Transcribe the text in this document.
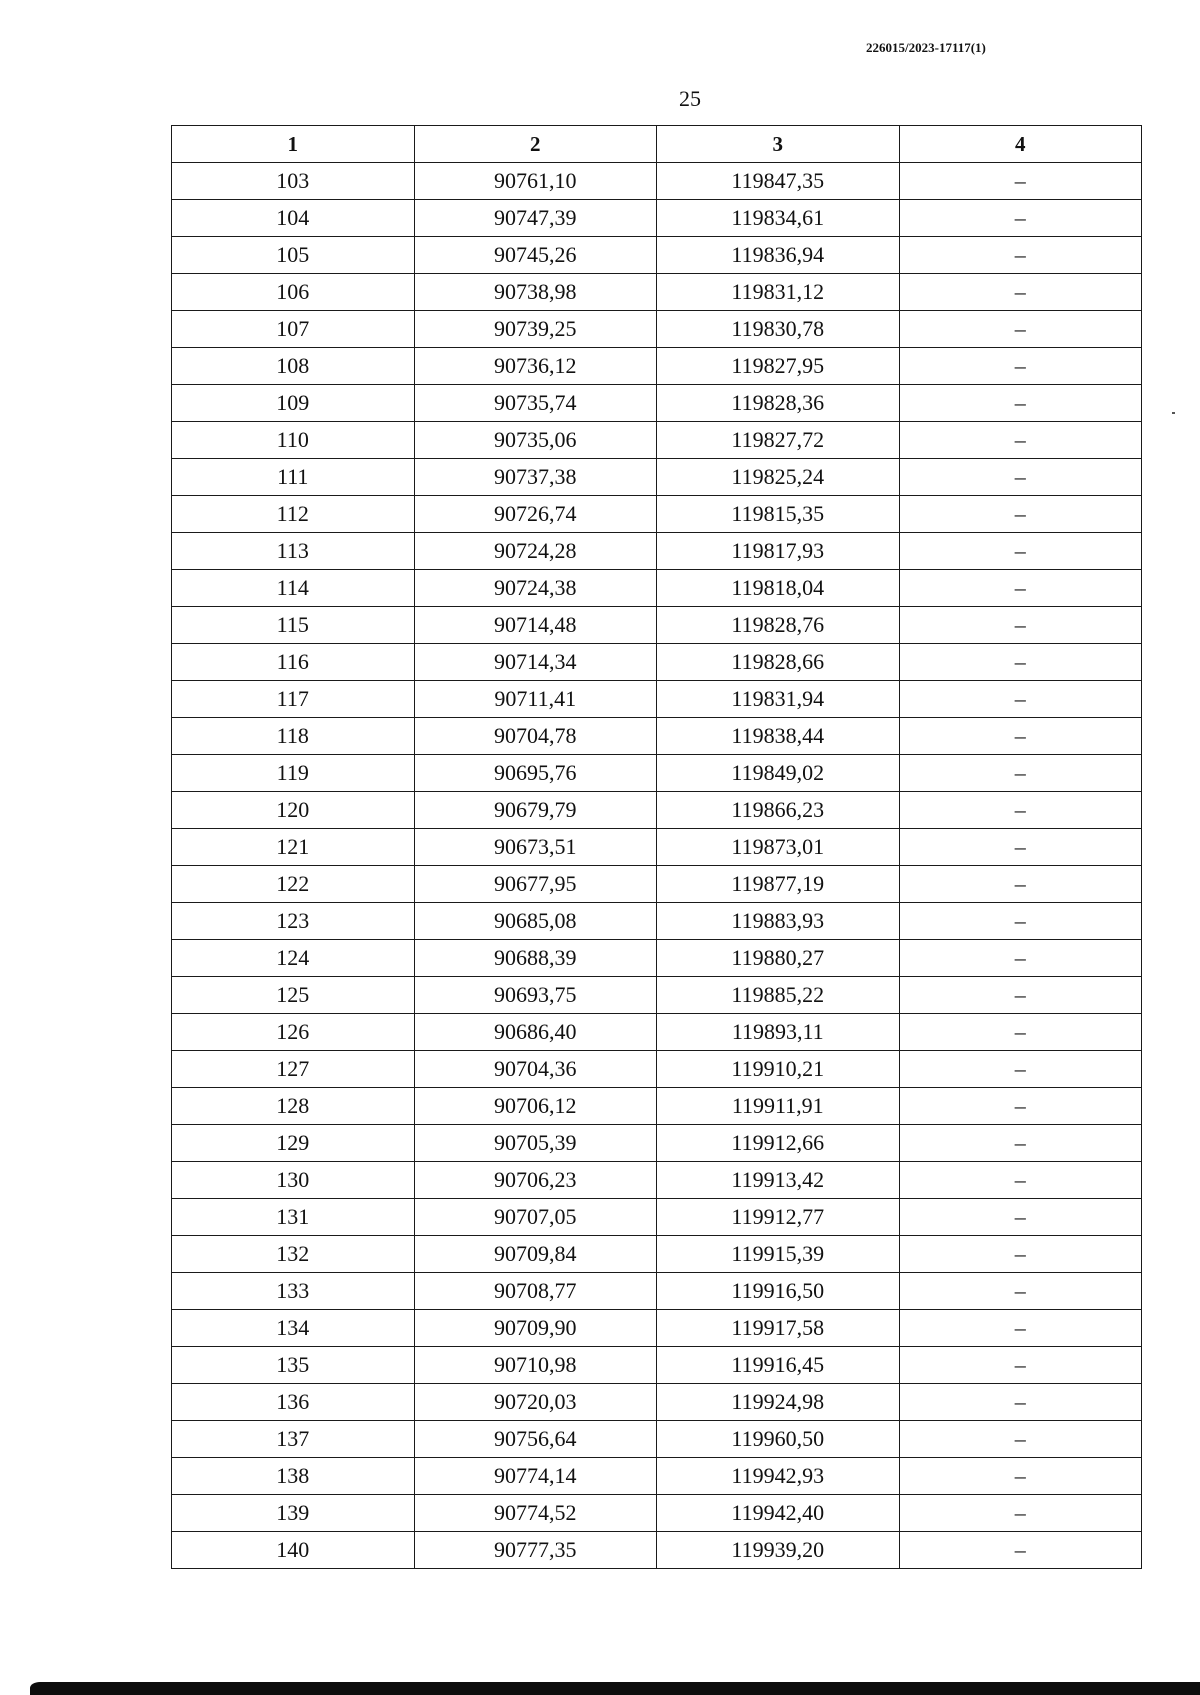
226015/2023-17117(1)
25
1	2	3	4
103	90761,10	119847,35	–
104	90747,39	119834,61	–
105	90745,26	119836,94	–
106	90738,98	119831,12	–
107	90739,25	119830,78	–
108	90736,12	119827,95	–
109	90735,74	119828,36	–
110	90735,06	119827,72	–
111	90737,38	119825,24	–
112	90726,74	119815,35	–
113	90724,28	119817,93	–
114	90724,38	119818,04	–
115	90714,48	119828,76	–
116	90714,34	119828,66	–
117	90711,41	119831,94	–
118	90704,78	119838,44	–
119	90695,76	119849,02	–
120	90679,79	119866,23	–
121	90673,51	119873,01	–
122	90677,95	119877,19	–
123	90685,08	119883,93	–
124	90688,39	119880,27	–
125	90693,75	119885,22	–
126	90686,40	119893,11	–
127	90704,36	119910,21	–
128	90706,12	119911,91	–
129	90705,39	119912,66	–
130	90706,23	119913,42	–
131	90707,05	119912,77	–
132	90709,84	119915,39	–
133	90708,77	119916,50	–
134	90709,90	119917,58	–
135	90710,98	119916,45	–
136	90720,03	119924,98	–
137	90756,64	119960,50	–
138	90774,14	119942,93	–
139	90774,52	119942,40	–
140	90777,35	119939,20	–
